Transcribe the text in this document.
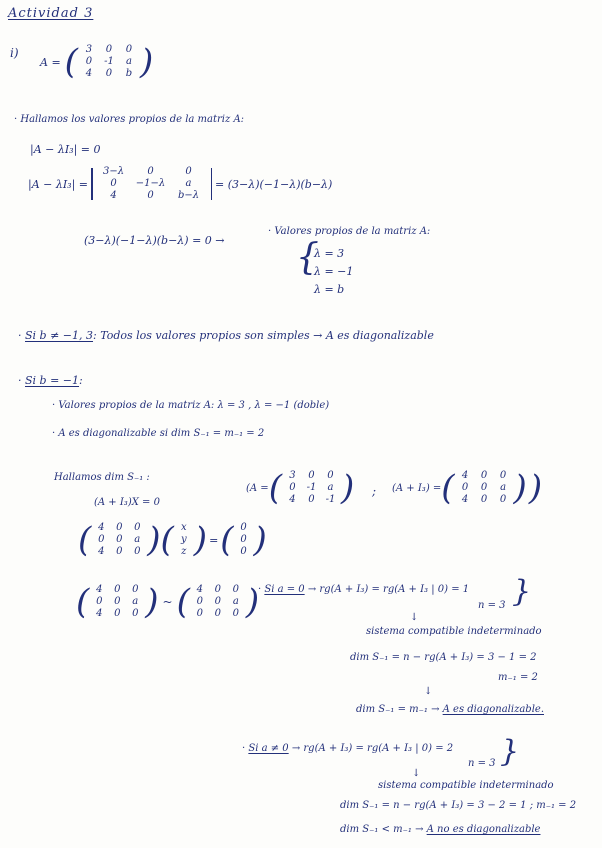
Actividad 3
i)
A = ( 3	0	0
0	-1	a
4	0	b )
· Hallamos los valores propios de la matriz A:
|A − λI₃| = 0
|A − λI₃| =
3−λ	0	0
0	−1−λ	a
4	0	b−λ
= (3−λ)(−1−λ)(b−λ)
(3−λ)(−1−λ)(b−λ) = 0 →
· Valores propios de la matriz A:
{
λ = 3
λ = −1
λ = b
· Si b ≠ −1, 3: Todos los valores propios son simples → A es diagonalizable
· Si b = −1:
· Valores propios de la matriz A: λ = 3 , λ = −1 (doble)
· A es diagonalizable si dim S₋₁ = m₋₁ = 2
Hallamos dim S₋₁ :
(A + I₃)X = 0
(A = ( 3	0	0
0	-1	a
4	0	-1 ) ; (A + I₃) = ( 4	0	0
0	0	a
4	0	0 ) )
( 4 0 0
0 0	a
4 0 0 ) ( x
y
z ) = ( 0
0
0 )
( 4 0 0
0 0	a
4 0 0 ) ~ ( 4 0 0
0 0	a
0 0 0 )
· Si a = 0 → rg(A + I₃) = rg(A + I₃ | 0) = 1
n = 3 }
↓
sistema compatible indeterminado
dim S₋₁ = n − rg(A + I₃) = 3 − 1 = 2
m₋₁ = 2
↓
dim S₋₁ = m₋₁ → A es diagonalizable.
· Si a ≠ 0 → rg(A + I₃) = rg(A + I₃ | 0) = 2
n = 3 }
↓
sistema compatible indeterminado
dim S₋₁ = n − rg(A + I₃) = 3 − 2 = 1 ; m₋₁ = 2
dim S₋₁ < m₋₁ → A no es diagonalizable
